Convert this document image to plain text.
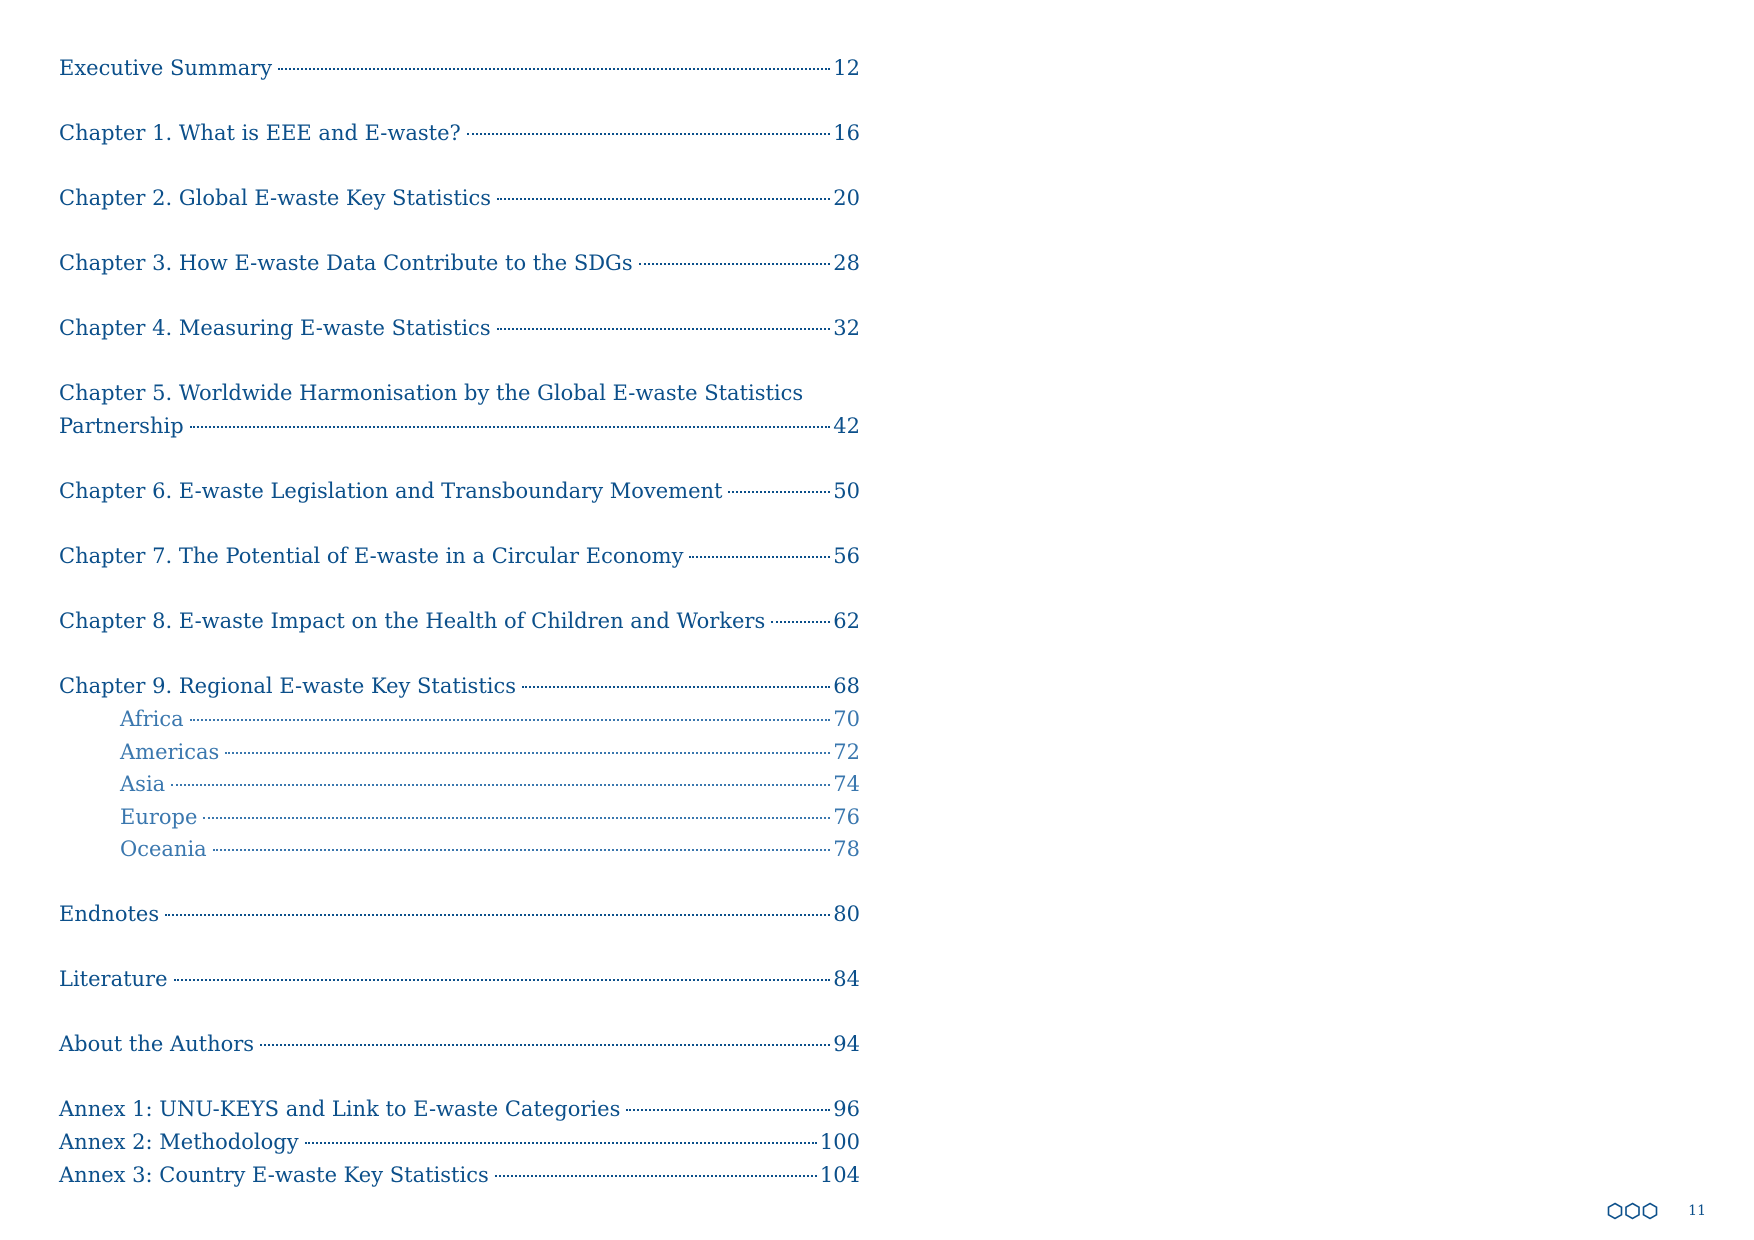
Executive Summary	12
Chapter 1. What is EEE and E-waste?	16
Chapter 2. Global E-waste Key Statistics	20
Chapter 3. How E-waste Data Contribute to the SDGs	28
Chapter 4. Measuring E-waste Statistics	32
Chapter 5. Worldwide Harmonisation by the Global E-waste Statistics
Partnership	42
Chapter 6. E-waste Legislation and Transboundary Movement	50
Chapter 7. The Potential of E-waste in a Circular Economy	56
Chapter 8. E-waste Impact on the Health of Children and Workers	62
Chapter 9. Regional E-waste Key Statistics	68
Africa	70
Americas	72
Asia	74
Europe	76
Oceania	78
Endnotes	80
Literature	84
About the Authors	94
Annex 1: UNU-KEYS and Link to E-waste Categories	96
Annex 2: Methodology	100
Annex 3: Country E-waste Key Statistics	104
11
